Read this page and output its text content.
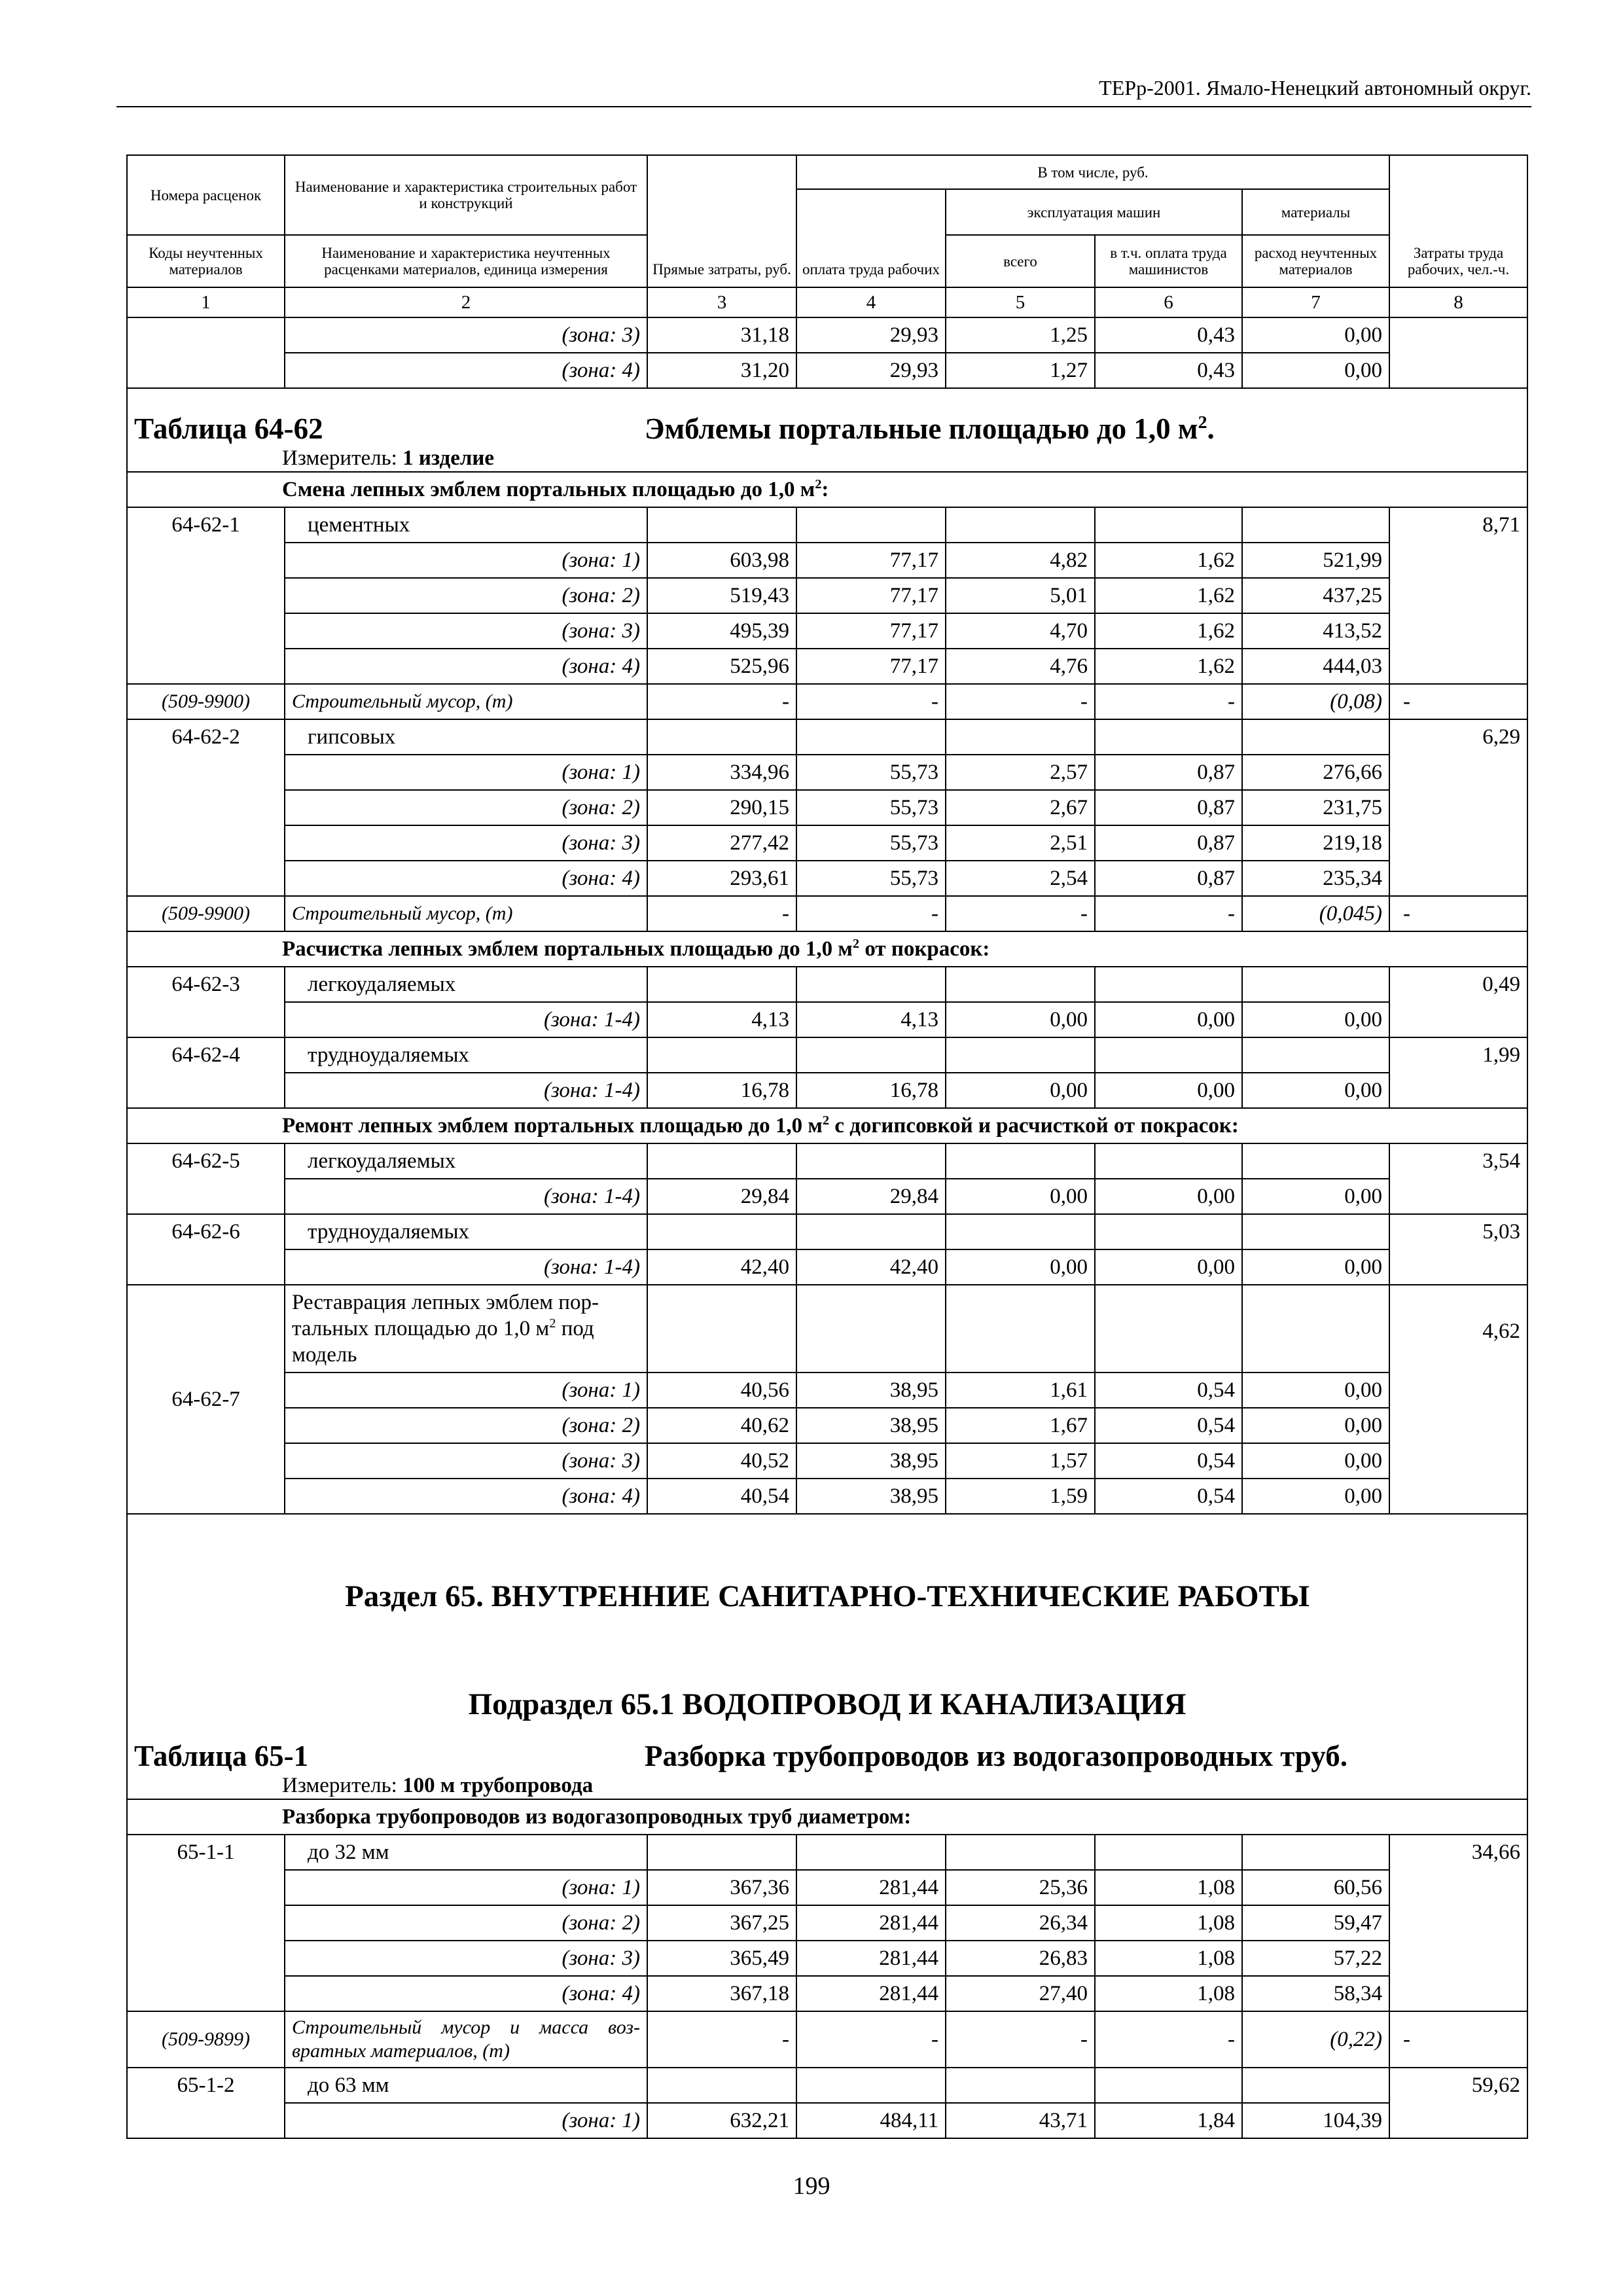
ТЕРр-2001. Ямало-Ненецкий автономный округ.
Номера расценок	Наименование и характеристика строительных работ и конструкций	Прямые затраты, руб.	В том числе, руб.				Затраты труда рабочих, чел.-ч.
			оплата труда рабочих	эксплуатация машин		материалы	
Коды неучтенных материалов	Наименование и характеристика неучтенных расценками материалов, единица измерения			всего	в т.ч. оплата труда машинистов	расход неучтенных материалов	
1	2	3	4	5	6	7	8
	(зона: 3)	31,18	29,93	1,25	0,43	0,00	
	(зона: 4)	31,20	29,93	1,27	0,43	0,00	
Таблица 64-62 Эмблемы портальные площадью до 1,0 $м^2$.							
Измеритель: 1 изделие							
Смена лепных эмблем портальных площадью до 1,0 $м^2$:							
64-62-1	цементных						8,71
	(зона: 1)	603,98	77,17	4,82	1,62	521,99	
	(зона: 2)	519,43	77,17	5,01	1,62	437,25	
	(зона: 3)	495,39	77,17	4,70	1,62	413,52	
	(зона: 4)	525,96	77,17	4,76	1,62	444,03	
(509-9900)	Строительный мусор, (т)	-	-	-	-	(0,08)	-
64-62-2	гипсовых						6,29
	(зона: 1)	334,96	55,73	2,57	0,87	276,66	
	(зона: 2)	290,15	55,73	2,67	0,87	231,75	
	(зона: 3)	277,42	55,73	2,51	0,87	219,18	
	(зона: 4)	293,61	55,73	2,54	0,87	235,34	
(509-9900)	Строительный мусор, (т)	-	-	-	-	(0,045)	-
Расчистка лепных эмблем портальных площадью до 1,0 $м^2$ от покрасок:							
64-62-3	легкоудаляемых						0,49
	(зона: 1-4)	4,13	4,13	0,00	0,00	0,00	
64-62-4	трудноудаляемых						1,99
	(зона: 1-4)	16,78	16,78	0,00	0,00	0,00	
Ремонт лепных эмблем портальных площадью до 1,0 $м^2$ с догипсовкой и расчисткой от покрасок:							
64-62-5	легкоудаляемых						3,54
	(зона: 1-4)	29,84	29,84	0,00	0,00	0,00	
64-62-6	трудноудаляемых						5,03
	(зона: 1-4)	42,40	42,40	0,00	0,00	0,00	
64-62-7	Реставрация лепных эмблем пор-
тальных площадью до 1,0 $м^2$ под
модель						4,62
	(зона: 1)	40,56	38,95	1,61	0,54	0,00	
	(зона: 2)	40,62	38,95	1,67	0,54	0,00	
	(зона: 3)	40,52	38,95	1,57	0,54	0,00	
	(зона: 4)	40,54	38,95	1,59	0,54	0,00	
Раздел 65. ВНУТРЕННИЕ САНИТАРНО-ТЕХНИЧЕСКИЕ РАБОТЫ							
Подраздел 65.1 ВОДОПРОВОД И КАНАЛИЗАЦИЯ							
Таблица 65-1 Разборка трубопроводов из водогазопроводных труб.							
Измеритель: 100 м трубопровода							
Разборка трубопроводов из водогазопроводных труб диаметром:							
65-1-1	до 32 мм						34,66
	(зона: 1)	367,36	281,44	25,36	1,08	60,56	
	(зона: 2)	367,25	281,44	26,34	1,08	59,47	
	(зона: 3)	365,49	281,44	26,83	1,08	57,22	
	(зона: 4)	367,18	281,44	27,40	1,08	58,34	
(509-9899)	Строительный мусор и масса воз-вратных материалов, (т)	-	-	-	-	(0,22)	-
65-1-2	до 63 мм						59,62
	(зона: 1)	632,21	484,11	43,71	1,84	104,39	
199
